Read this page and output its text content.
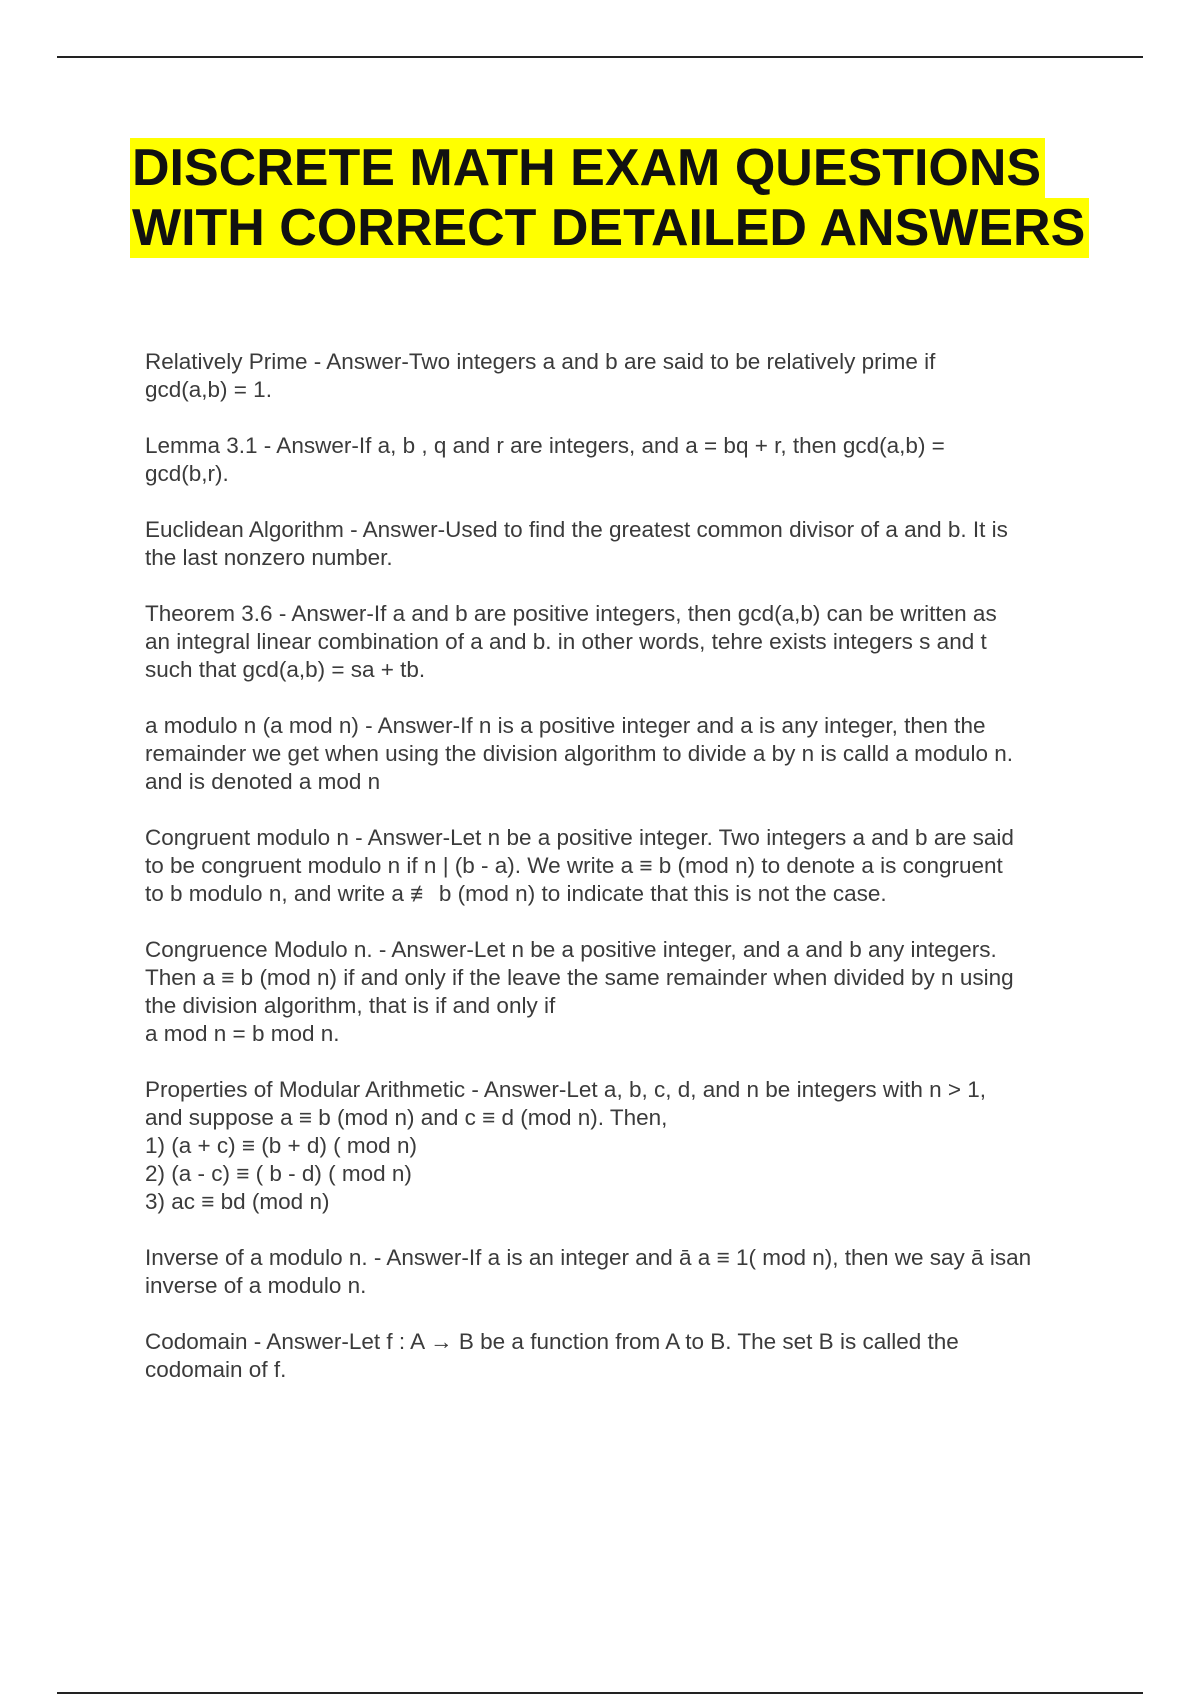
DISCRETE MATH EXAM QUESTIONS
WITH CORRECT DETAILED ANSWERS

Relatively Prime - Answer-Two integers a and b are said to be relatively prime if
gcd(a,b) = 1.

Lemma 3.1 - Answer-If a, b , q and r are integers, and a = bq + r, then gcd(a,b) =
gcd(b,r).

Euclidean Algorithm - Answer-Used to find the greatest common divisor of a and b. It is
the last nonzero number.

Theorem 3.6 - Answer-If a and b are positive integers, then gcd(a,b) can be written as
an integral linear combination of a and b. in other words, tehre exists integers s and t
such that gcd(a,b) = sa + tb.

a modulo n (a mod n) - Answer-If n is a positive integer and a is any integer, then the
remainder we get when using the division algorithm to divide a by n is calld a modulo n.
and is denoted a mod n

Congruent modulo n - Answer-Let n be a positive integer. Two integers a and b are said
to be congruent modulo n if n | (b - a). We write a ≡ b (mod n) to denote a is congruent
to b modulo n, and write a ≢ b (mod n) to indicate that this is not the case.

Congruence Modulo n. - Answer-Let n be a positive integer, and a and b any integers.
Then a ≡ b (mod n) if and only if the leave the same remainder when divided by n using
the division algorithm, that is if and only if
a mod n = b mod n.

Properties of Modular Arithmetic - Answer-Let a, b, c, d, and n be integers with n > 1,
and suppose a ≡ b (mod n) and c ≡ d (mod n). Then,
1) (a + c) ≡ (b + d) ( mod n)
2) (a - c) ≡ ( b - d) ( mod n)
3) ac ≡ bd (mod n)

Inverse of a modulo n. - Answer-If a is an integer and ā a ≡ 1( mod n), then we say ā isan
inverse of a modulo n.

Codomain - Answer-Let f : A → B be a function from A to B. The set B is called the
codomain of f.
